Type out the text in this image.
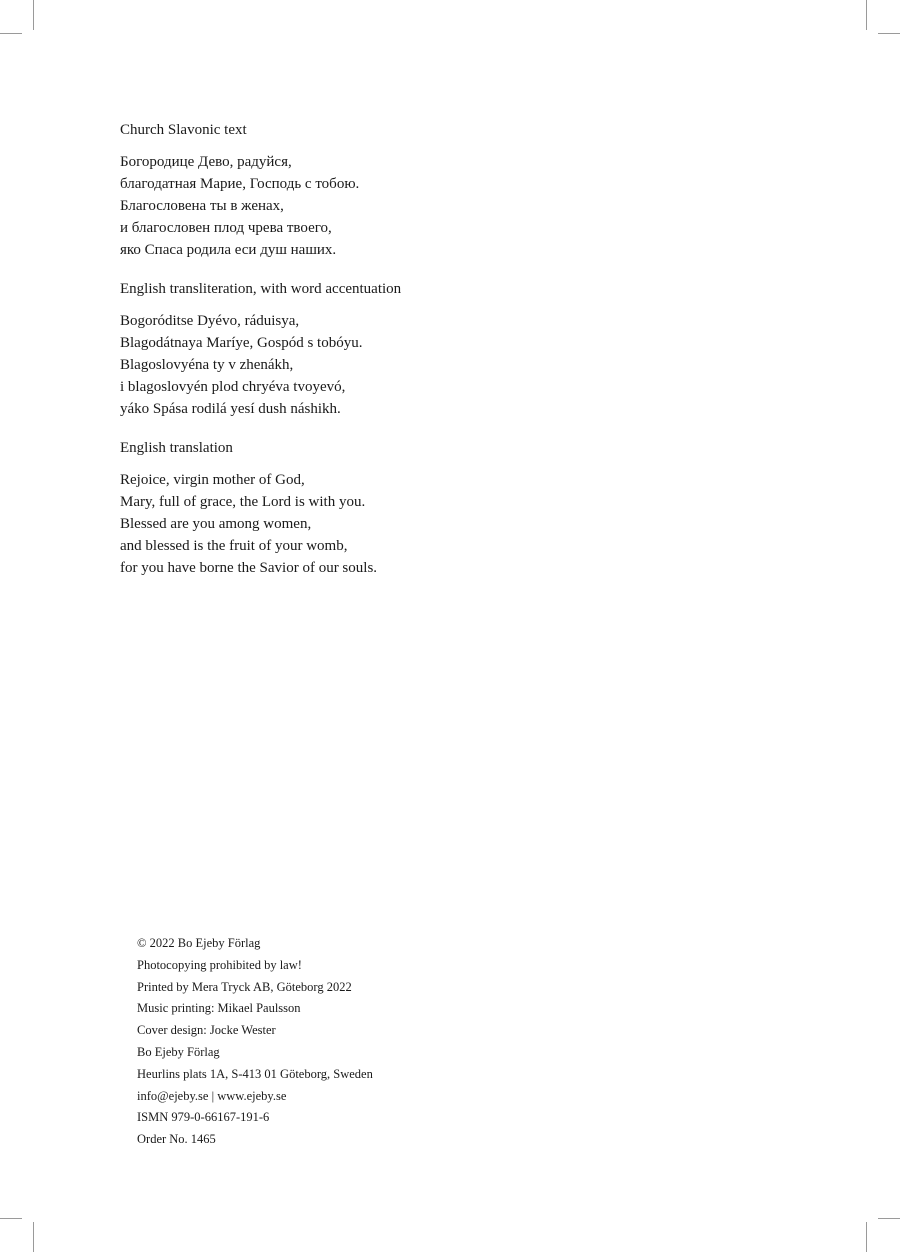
Church Slavonic text
Богородице Дево, радуйся,
благодатная Марие, Господь с тобою.
Благословена ты в женах,
и благословен плод чрева твоего,
яко Спаса родила еси душ наших.
English transliteration, with word accentuation
Bogoróditse Dyévo, ráduisya,
Blagodátnaya Maríye, Gospód s tobóyu.
Blagoslovyéna ty v zhenákh,
i blagoslovyén plod chryéva tvoyevó,
yáko Spása rodilá yesí dush náshikh.
English translation
Rejoice, virgin mother of God,
Mary, full of grace, the Lord is with you.
Blessed are you among women,
and blessed is the fruit of your womb,
for you have borne the Savior of our souls.
© 2022 Bo Ejeby Förlag
Photocopying prohibited by law!
Printed by Mera Tryck AB, Göteborg 2022
Music printing: Mikael Paulsson
Cover design: Jocke Wester
Bo Ejeby Förlag
Heurlins plats 1A, S-413 01 Göteborg, Sweden
info@ejeby.se | www.ejeby.se
ISMN 979-0-66167-191-6
Order No. 1465
